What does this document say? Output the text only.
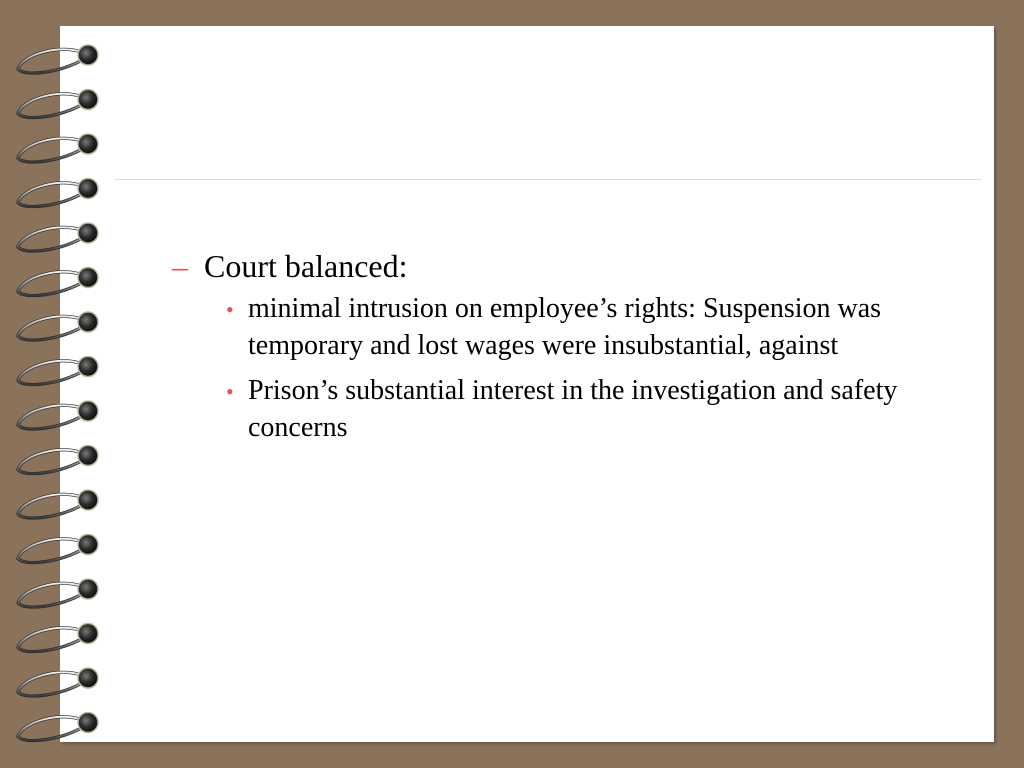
– Court balanced:
• minimal intrusion on employee’s rights: Suspension was temporary and lost wages were insubstantial, against
• Prison’s substantial interest in the investigation and safety concerns
